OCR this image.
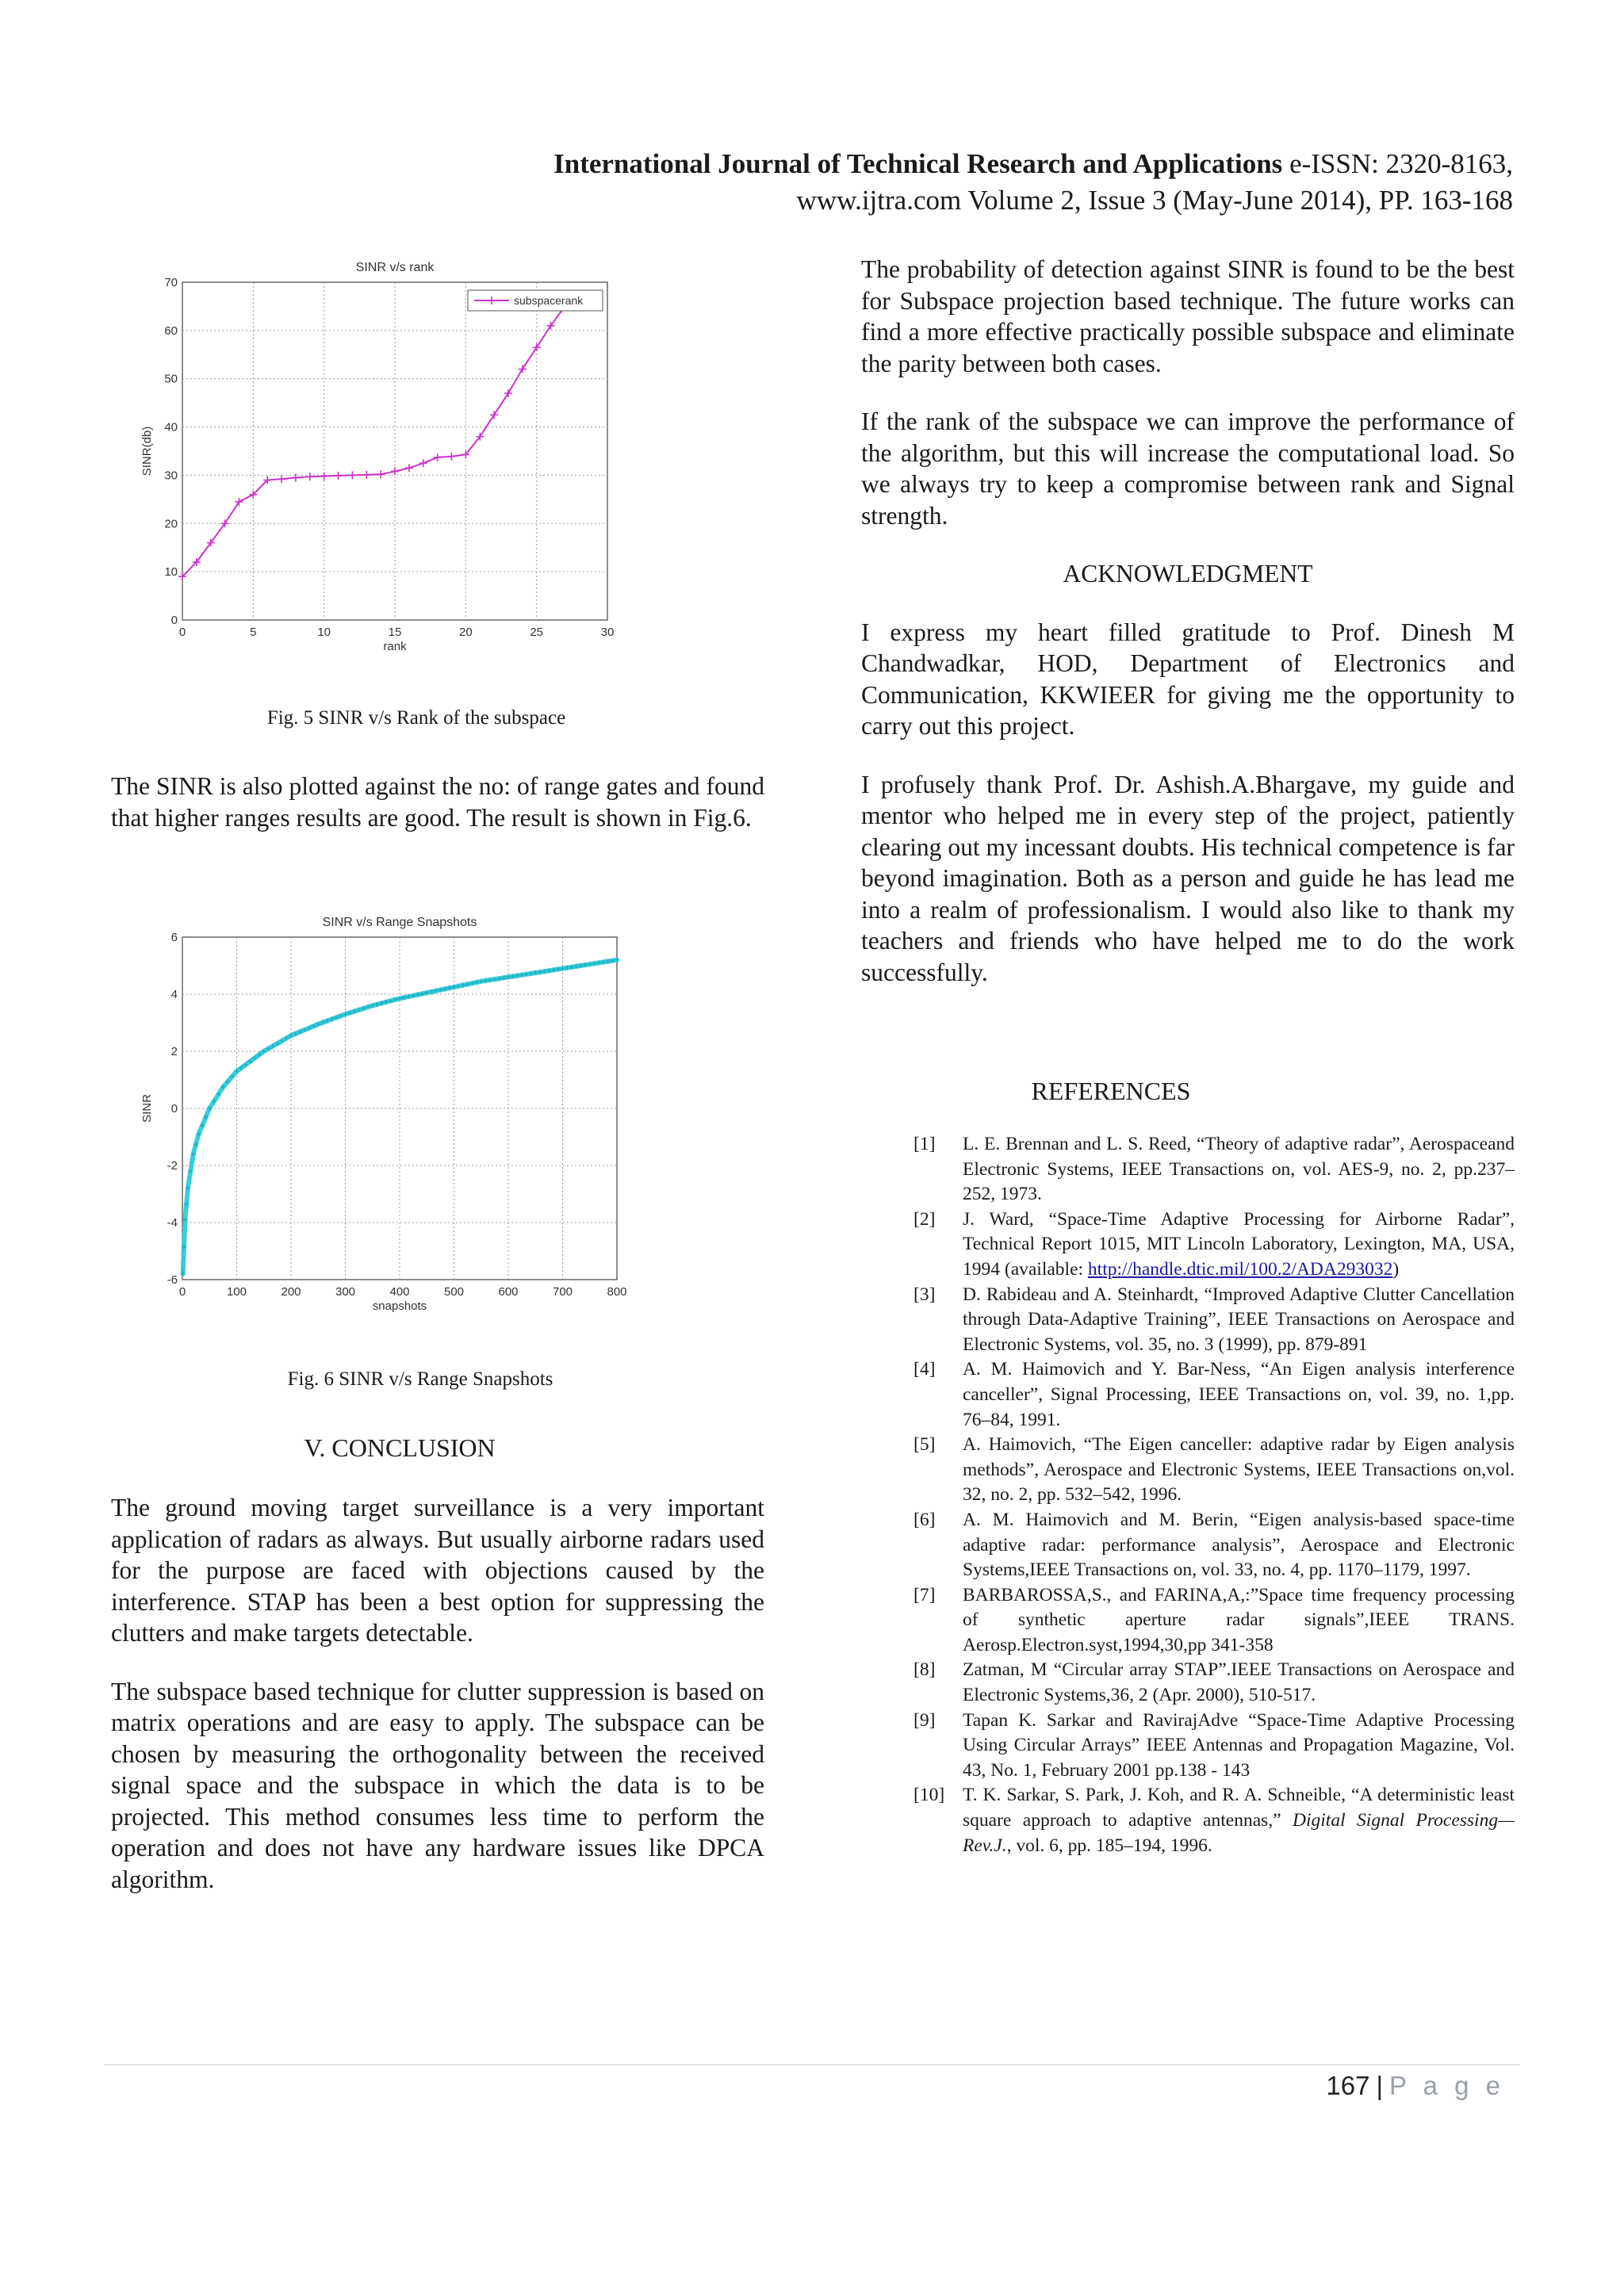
International Journal of Technical Research and Applications e-ISSN: 2320-8163,
www.ijtra.com Volume 2, Issue 3 (May-June 2014), PP. 163-168
SINR v/s rank
0	5	10	15	20	25	30
0
10
20
30
40
50
60
70
rank
SINR(db)
subspacerank
Fig. 5 SINR v/s Rank of the subspace

The SINR is also plotted against the no: of range gates and found that higher ranges results are good. The result is shown in Fig.6.

SINR v/s Range Snapshots
0	100	200	300	400	500	600	700	800
-6
-4
-2
0
2
4
6
snapshots
SINR
Fig. 6 SINR v/s Range Snapshots
V. CONCLUSION

The ground moving target surveillance is a very important application of radars as always. But usually airborne radars used for the purpose are faced with objections caused by the interference. STAP has been a best option for suppressing the clutters and make targets detectable.

The subspace based technique for clutter suppression is based on matrix operations and are easy to apply. The subspace can be chosen by measuring the orthogonality between the received signal space and the subspace in which the data is to be projected. This method consumes less time to perform the operation and does not have any hardware issues like DPCA algorithm.

The probability of detection against SINR is found to be the best for Subspace projection based technique. The future works can find a more effective practically possible subspace and eliminate the parity between both cases.

If the rank of the subspace we can improve the performance of the algorithm, but this will increase the computational load. So we always try to keep a compromise between rank and Signal strength.

ACKNOWLEDGMENT

I express my heart filled gratitude to Prof. Dinesh M Chandwadkar, HOD, Department of Electronics and Communication, KKWIEER for giving me the opportunity to carry out this project.

I profusely thank Prof. Dr. Ashish.A.Bhargave, my guide and mentor who helped me in every step of the project, patiently clearing out my incessant doubts. His technical competence is far beyond imagination. Both as a person and guide he has lead me into a realm of professionalism. I would also like to thank my teachers and friends who have helped me to do the work successfully.

REFERENCES
[1] L. E. Brennan and L. S. Reed, “Theory of adaptive radar”, Aerospaceand Electronic Systems, IEEE Transactions on, vol. AES-9, no. 2, pp.237–252, 1973.
[2] J. Ward, “Space-Time Adaptive Processing for Airborne Radar”, Technical Report 1015, MIT Lincoln Laboratory, Lexington, MA, USA, 1994 (available: http://handle.dtic.mil/100.2/ADA293032)
[3] D. Rabideau and A. Steinhardt, “Improved Adaptive Clutter Cancellation through Data-Adaptive Training”, IEEE Transactions on Aerospace and Electronic Systems, vol. 35, no. 3 (1999), pp. 879-891
[4] A. M. Haimovich and Y. Bar-Ness, “An Eigen analysis interference canceller”, Signal Processing, IEEE Transactions on, vol. 39, no. 1,pp. 76–84, 1991.
[5] A. Haimovich, “The Eigen canceller: adaptive radar by Eigen analysis methods”, Aerospace and Electronic Systems, IEEE Transactions on,vol. 32, no. 2, pp. 532–542, 1996.
[6] A. M. Haimovich and M. Berin, “Eigen analysis-based space-time adaptive radar: performance analysis”, Aerospace and Electronic Systems,IEEE Transactions on, vol. 33, no. 4, pp. 1170–1179, 1997.
[7] BARBAROSSA,S., and FARINA,A,:”Space time frequency processing of synthetic aperture radar signals”,IEEE TRANS. Aerosp.Electron.syst,1994,30,pp 341-358
[8] Zatman, M “Circular array STAP”.IEEE Transactions on Aerospace and Electronic Systems,36, 2 (Apr. 2000), 510-517.
[9] Tapan K. Sarkar and RavirajAdve “Space-Time Adaptive Processing Using Circular Arrays” IEEE Antennas and Propagation Magazine, Vol. 43, No. 1, February 2001 pp.138 - 143
[10] T. K. Sarkar, S. Park, J. Koh, and R. A. Schneible, “A deterministic least square approach to adaptive antennas,” Digital Signal Processing— Rev.J., vol. 6, pp. 185–194, 1996.
167 | P a g e
